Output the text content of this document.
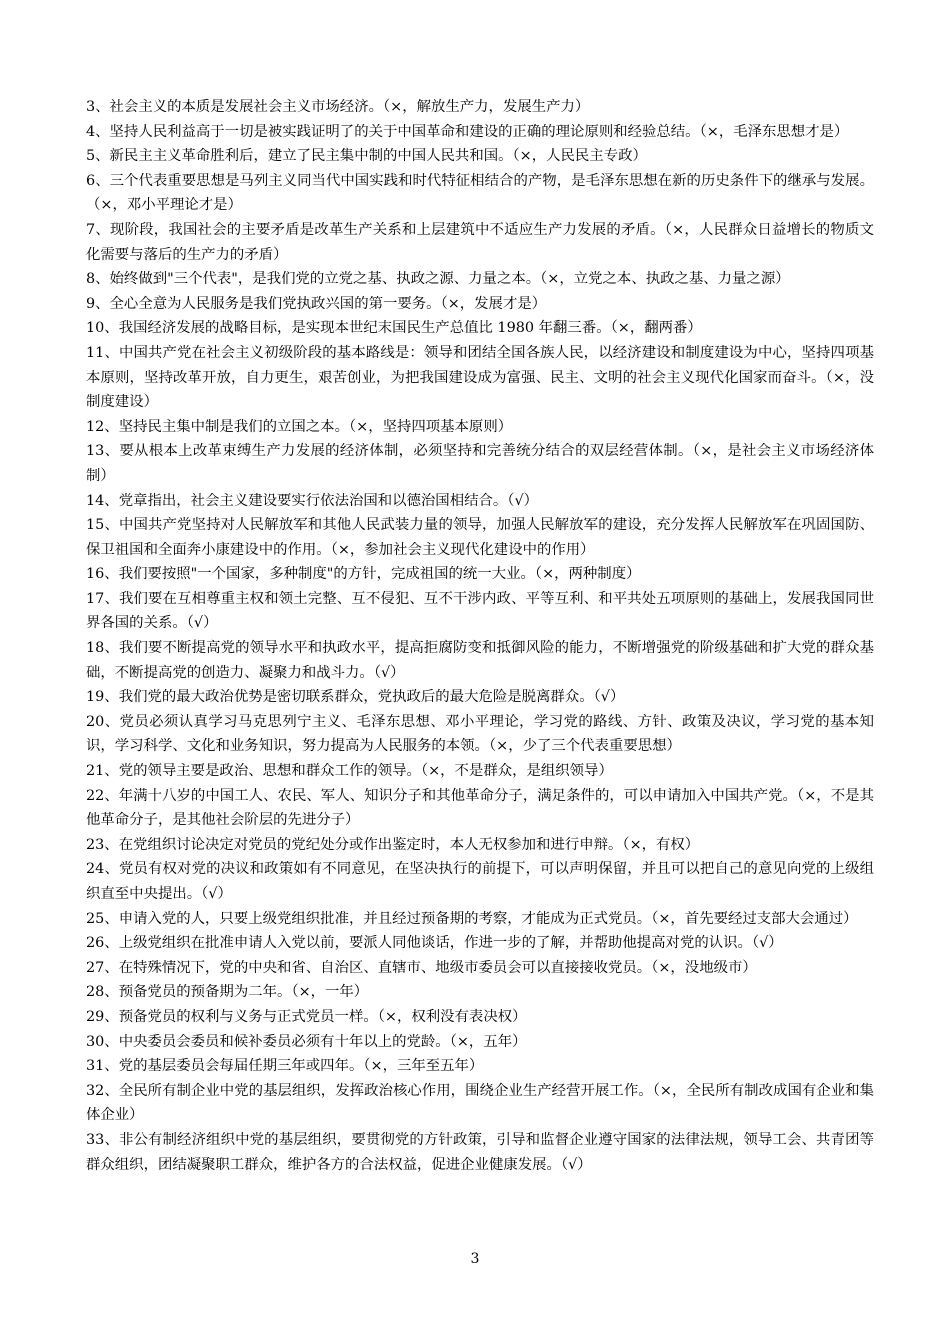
3、社会主义的本质是发展社会主义市场经济。（×，解放生产力，发展生产力）

4、坚持人民利益高于一切是被实践证明了的关于中国革命和建设的正确的理论原则和经验总结。（×，毛泽东思想才是）

5、新民主主义革命胜利后，建立了民主集中制的中国人民共和国。（×，人民民主专政）

6、三个代表重要思想是马列主义同当代中国实践和时代特征相结合的产物，是毛泽东思想在新的历史条件下的继承与发展。（×，邓小平理论才是）

7、现阶段，我国社会的主要矛盾是改革生产关系和上层建筑中不适应生产力发展的矛盾。（×，人民群众日益增长的物质文化需要与落后的生产力的矛盾）

8、始终做到"三个代表"，是我们党的立党之基、执政之源、力量之本。（×，立党之本、执政之基、力量之源）

9、全心全意为人民服务是我们党执政兴国的第一要务。（×，发展才是）

10、我国经济发展的战略目标，是实现本世纪末国民生产总值比 1980 年翻三番。（×，翻两番）

11、中国共产党在社会主义初级阶段的基本路线是：领导和团结全国各族人民，以经济建设和制度建设为中心，坚持四项基本原则，坚持改革开放，自力更生，艰苦创业，为把我国建设成为富强、民主、文明的社会主义现代化国家而奋斗。（×，没制度建设）

12、坚持民主集中制是我们的立国之本。（×，坚持四项基本原则）

13、要从根本上改革束缚生产力发展的经济体制，必须坚持和完善统分结合的双层经营体制。（×，是社会主义市场经济体制）

14、党章指出，社会主义建设要实行依法治国和以德治国相结合。（√）

15、中国共产党坚持对人民解放军和其他人民武装力量的领导，加强人民解放军的建设，充分发挥人民解放军在巩固国防、保卫祖国和全面奔小康建设中的作用。（×，参加社会主义现代化建设中的作用）

16、我们要按照"一个国家，多种制度"的方针，完成祖国的统一大业。（×，两种制度）

17、我们要在互相尊重主权和领土完整、互不侵犯、互不干涉内政、平等互利、和平共处五项原则的基础上，发展我国同世界各国的关系。（√）

18、我们要不断提高党的领导水平和执政水平，提高拒腐防变和抵御风险的能力，不断增强党的阶级基础和扩大党的群众基础，不断提高党的创造力、凝聚力和战斗力。（√）

19、我们党的最大政治优势是密切联系群众，党执政后的最大危险是脱离群众。（√）

20、党员必须认真学习马克思列宁主义、毛泽东思想、邓小平理论，学习党的路线、方针、政策及决议，学习党的基本知识，学习科学、文化和业务知识，努力提高为人民服务的本领。（×，少了三个代表重要思想）

21、党的领导主要是政治、思想和群众工作的领导。（×，不是群众，是组织领导）

22、年满十八岁的中国工人、农民、军人、知识分子和其他革命分子，满足条件的，可以申请加入中国共产党。（×，不是其他革命分子，是其他社会阶层的先进分子）

23、在党组织讨论决定对党员的党纪处分或作出鉴定时，本人无权参加和进行申辩。（×，有权）

24、党员有权对党的决议和政策如有不同意见，在坚决执行的前提下，可以声明保留，并且可以把自己的意见向党的上级组织直至中央提出。（√）

25、申请入党的人，只要上级党组织批准，并且经过预备期的考察，才能成为正式党员。（×，首先要经过支部大会通过）

26、上级党组织在批准申请人入党以前，要派人同他谈话，作进一步的了解，并帮助他提高对党的认识。（√）

27、在特殊情况下，党的中央和省、自治区、直辖市、地级市委员会可以直接接收党员。（×，没地级市）

28、预备党员的预备期为二年。（×，一年）

29、预备党员的权利与义务与正式党员一样。（×，权利没有表决权）

30、中央委员会委员和候补委员必须有十年以上的党龄。（×，五年）

31、党的基层委员会每届任期三年或四年。（×，三年至五年）

32、全民所有制企业中党的基层组织，发挥政治核心作用，围绕企业生产经营开展工作。（×，全民所有制改成国有企业和集体企业）

33、非公有制经济组织中党的基层组织，要贯彻党的方针政策，引导和监督企业遵守国家的法律法规，领导工会、共青团等群众组织，团结凝聚职工群众，维护各方的合法权益，促进企业健康发展。（√）

3
